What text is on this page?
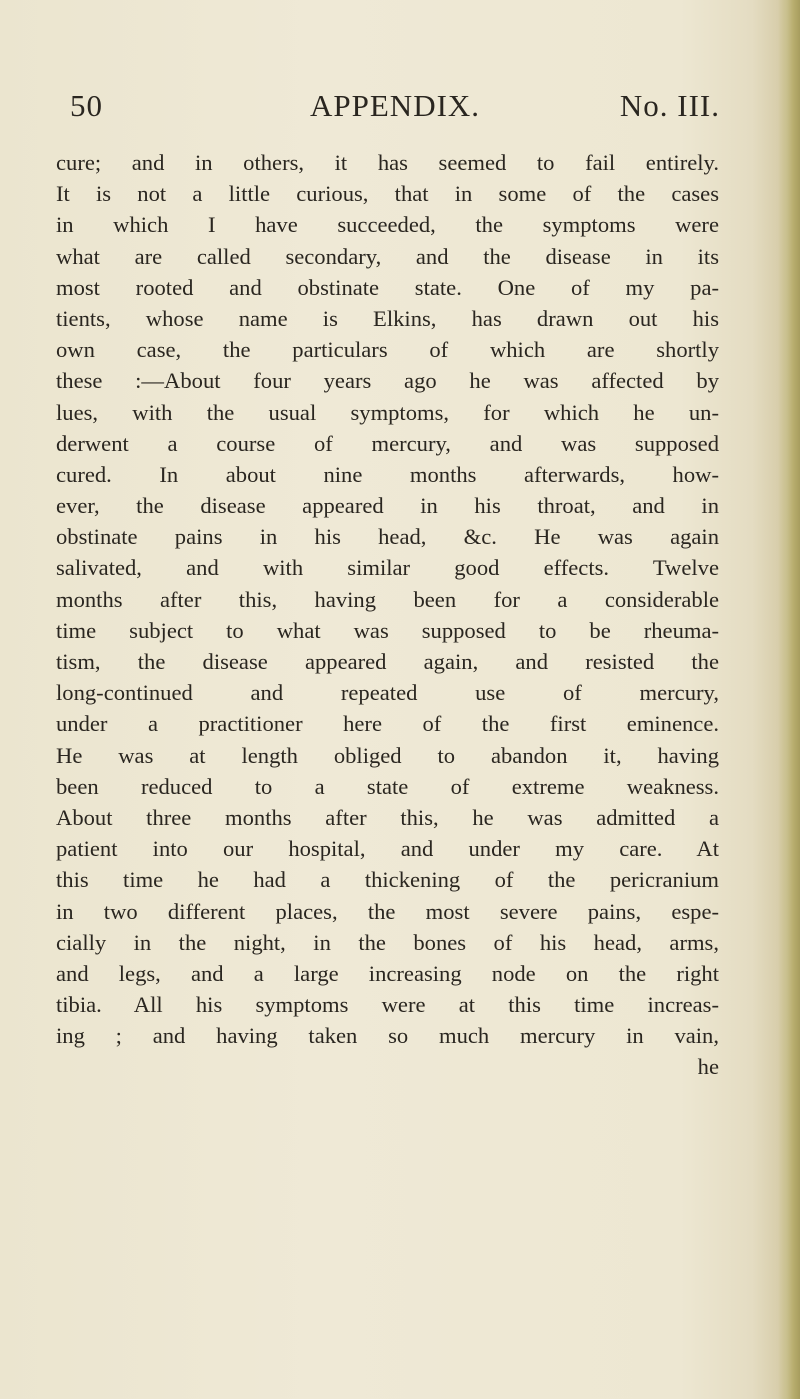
50	APPENDIX.	No. III.
cure; and in others, it has seemed to fail entirely.
It is not a little curious, that in some of the cases
in which I have succeeded, the symptoms were
what are called secondary, and the disease in its
most rooted and obstinate state. One of my pa-
tients, whose name is Elkins, has drawn out his
own case, the particulars of which are shortly
these :—About four years ago he was affected by
lues, with the usual symptoms, for which he un-
derwent a course of mercury, and was supposed
cured. In about nine months afterwards, how-
ever, the disease appeared in his throat, and in
obstinate pains in his head, &c. He was again
salivated, and with similar good effects. Twelve
months after this, having been for a considerable
time subject to what was supposed to be rheuma-
tism, the disease appeared again, and resisted the
long-continued and repeated use of mercury,
under a practitioner here of the first eminence.
He was at length obliged to abandon it, having
been reduced to a state of extreme weakness.
About three months after this, he was admitted a
patient into our hospital, and under my care. At
this time he had a thickening of the pericranium
in two different places, the most severe pains, espe-
cially in the night, in the bones of his head, arms,
and legs, and a large increasing node on the right
tibia. All his symptoms were at this time increas-
ing ; and having taken so much mercury in vain,
he
